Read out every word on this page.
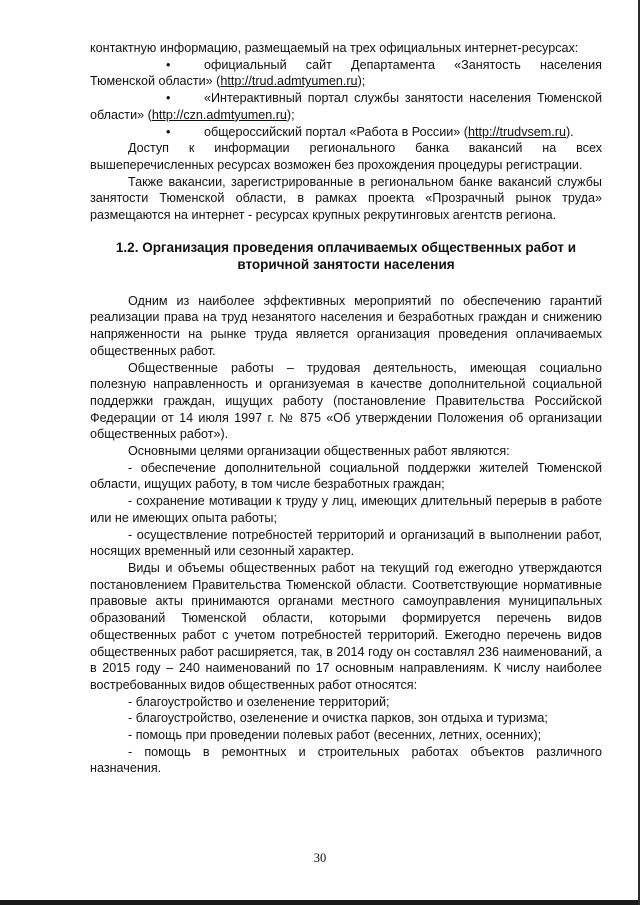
контактную информацию, размещаемый на трех официальных интернет-ресурсах:

•	официальный сайт Департамента «Занятость населения Тюменской области» (http://trud.admtyumen.ru);

•	«Интерактивный портал службы занятости населения Тюменской области» (http://czn.admtyumen.ru);

•	общероссийский портал «Работа в России» (http://trudvsem.ru).

Доступ к информации регионального банка вакансий на всех вышеперечисленных ресурсах возможен без прохождения процедуры регистрации.

Также вакансии, зарегистрированные в региональном банке вакансий службы занятости Тюменской области, в рамках проекта «Прозрачный рынок труда» размещаются на интернет - ресурсах крупных рекрутинговых агентств региона.

1.2. Организация проведения оплачиваемых общественных работ и вторичной занятости населения

Одним из наиболее эффективных мероприятий по обеспечению гарантий реализации права на труд незанятого населения и безработных граждан и снижению напряженности на рынке труда является организация проведения оплачиваемых общественных работ.

Общественные работы – трудовая деятельность, имеющая социально полезную направленность и организуемая в качестве дополнительной социальной поддержки граждан, ищущих работу (постановление Правительства Российской Федерации от 14 июля 1997 г. № 875 «Об утверждении Положения об организации общественных работ»).

Основными целями организации общественных работ являются:

- обеспечение дополнительной социальной поддержки жителей Тюменской области, ищущих работу, в том числе безработных граждан;

- сохранение мотивации к труду у лиц, имеющих длительный перерыв в работе или не имеющих опыта работы;

- осуществление потребностей территорий и организаций в выполнении работ, носящих временный или сезонный характер.

Виды и объемы общественных работ на текущий год ежегодно утверждаются постановлением Правительства Тюменской области. Соответствующие нормативные правовые акты принимаются органами местного самоуправления муниципальных образований Тюменской области, которыми формируется перечень видов общественных работ с учетом потребностей территорий. Ежегодно перечень видов общественных работ расширяется, так, в 2014 году он составлял 236 наименований, а в 2015 году – 240 наименований по 17 основным направлениям. К числу наиболее востребованных видов общественных работ относятся:

- благоустройство и озеленение территорий;

- благоустройство, озеленение и очистка парков, зон отдыха и туризма;

- помощь при проведении полевых работ (весенних, летних, осенних);

- помощь в ремонтных и строительных работах объектов различного назначения.

30
